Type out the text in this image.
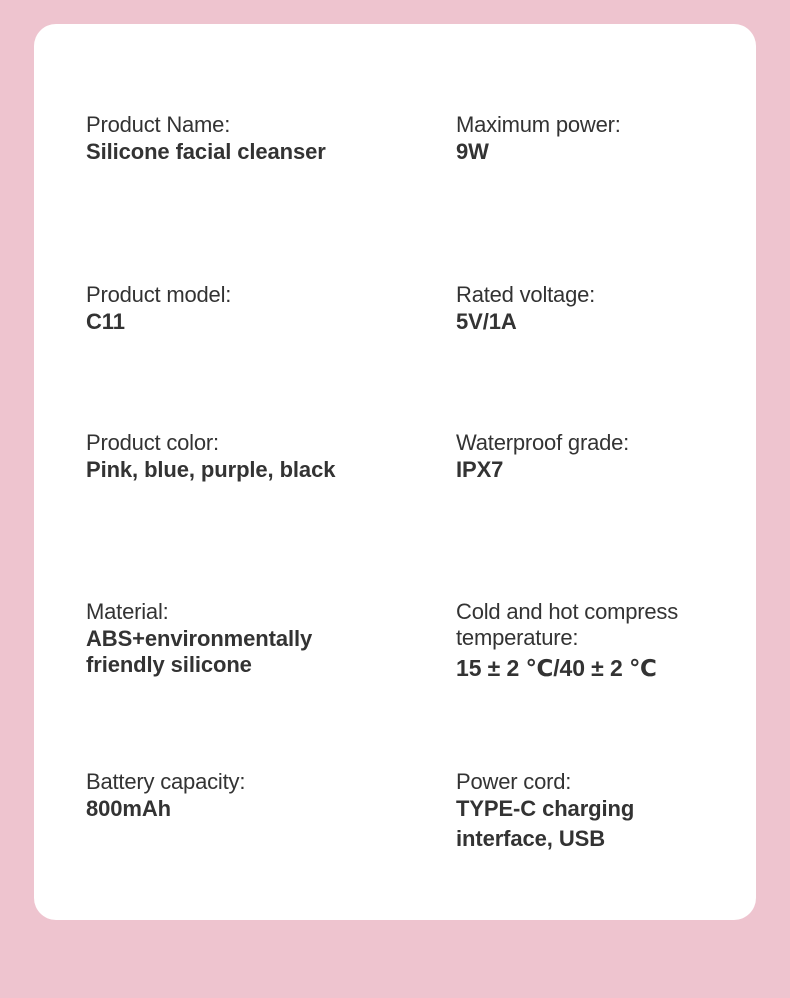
Product Name:
Silicone facial cleanser
Maximum power:
9W
Product model:
C11
Rated voltage:
5V/1A
Product color:
Pink, blue, purple, black
Waterproof grade:
IPX7
Material:
ABS+environmentally
friendly silicone
Cold and hot compress
temperature:
15 ± 2 ℃/40 ± 2 ℃
Battery capacity:
800mAh
Power cord:
TYPE-C charging
interface, USB
